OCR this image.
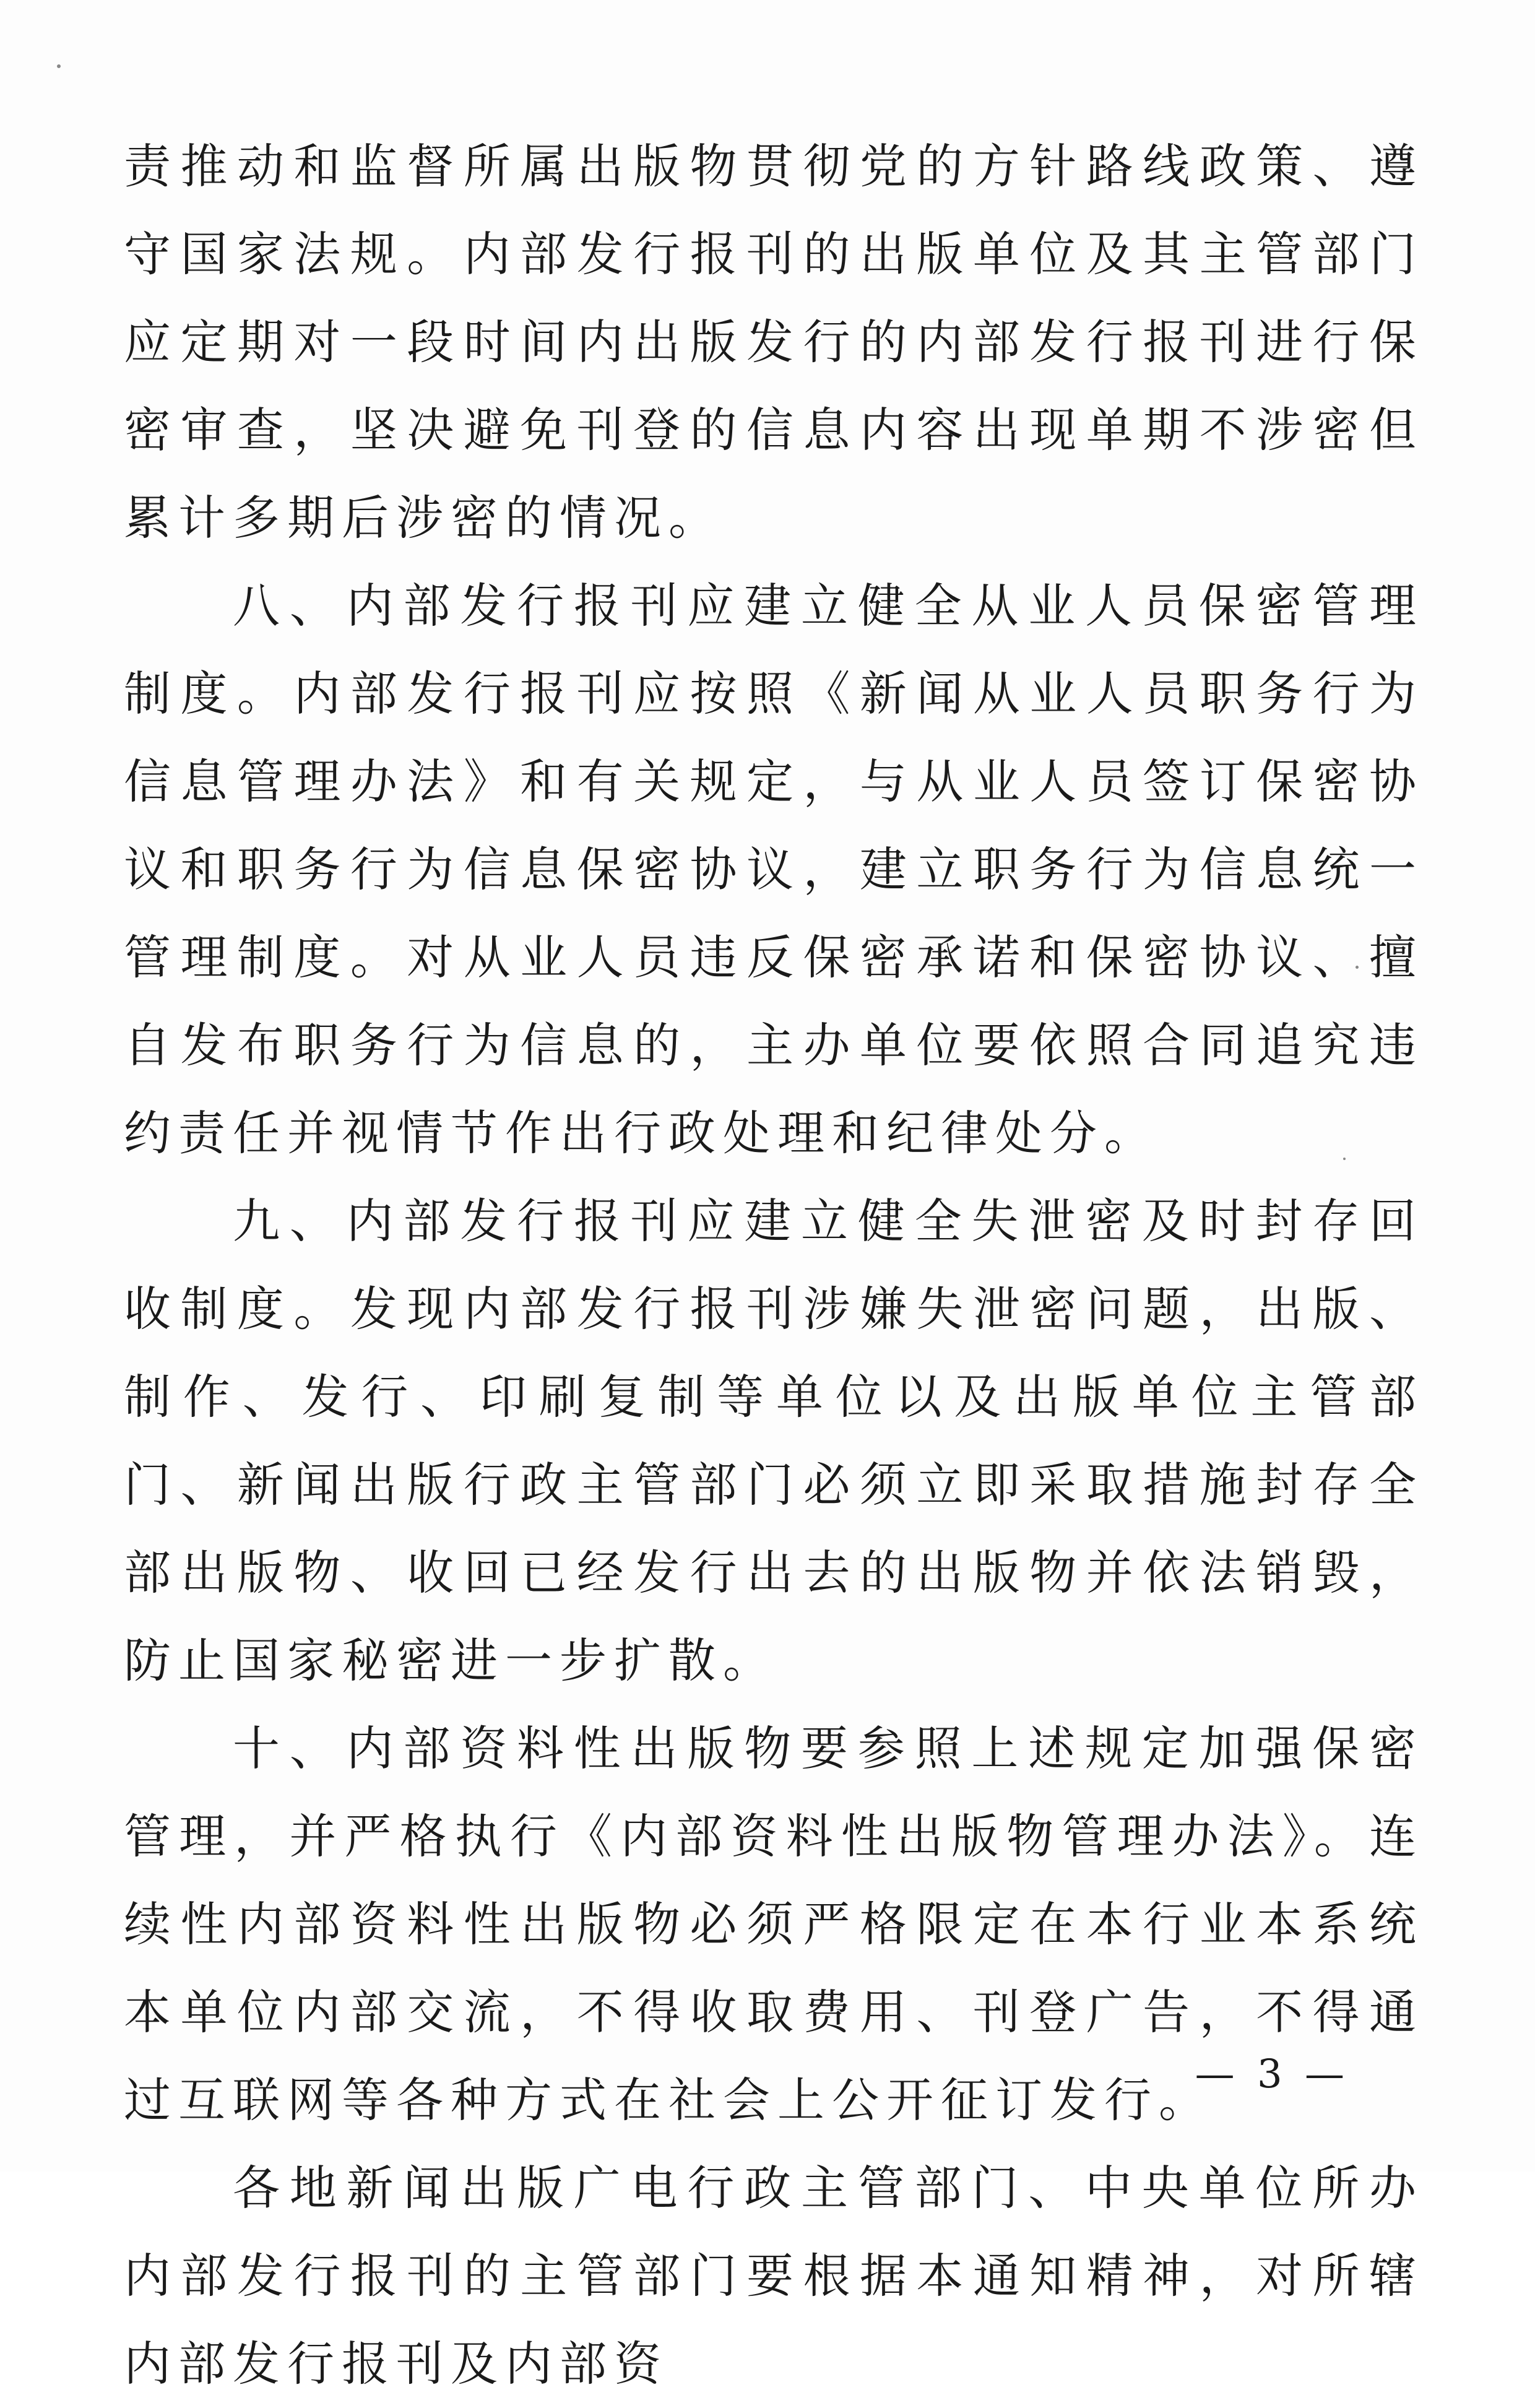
责推动和监督所属出版物贯彻党的方针路线政策、遵守国家法规。内部发行报刊的出版单位及其主管部门应定期对一段时间内出版发行的内部发行报刊进行保密审查，坚决避免刊登的信息内容出现单期不涉密但累计多期后涉密的情况。

八、内部发行报刊应建立健全从业人员保密管理制度。内部发行报刊应按照《新闻从业人员职务行为信息管理办法》和有关规定，与从业人员签订保密协议和职务行为信息保密协议，建立职务行为信息统一管理制度。对从业人员违反保密承诺和保密协议、擅自发布职务行为信息的，主办单位要依照合同追究违约责任并视情节作出行政处理和纪律处分。

九、内部发行报刊应建立健全失泄密及时封存回收制度。发现内部发行报刊涉嫌失泄密问题，出版、制作、发行、印刷复制等单位以及出版单位主管部门、新闻出版行政主管部门必须立即采取措施封存全部出版物、收回已经发行出去的出版物并依法销毁，防止国家秘密进一步扩散。

十、内部资料性出版物要参照上述规定加强保密管理，并严格执行《内部资料性出版物管理办法》。连续性内部资料性出版物必须严格限定在本行业本系统本单位内部交流，不得收取费用、刊登广告，不得通过互联网等各种方式在社会上公开征订发行。

各地新闻出版广电行政主管部门、中央单位所办内部发行报刊的主管部门要根据本通知精神，对所辖内部发行报刊及内部资

— 3 —
